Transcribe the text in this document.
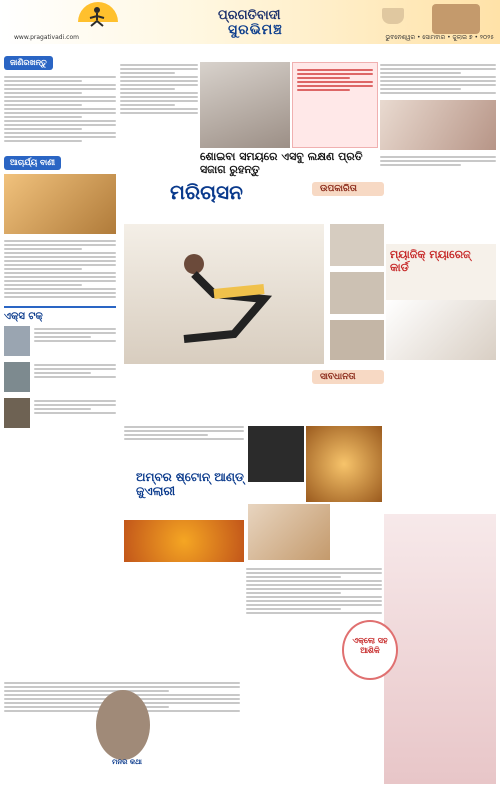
ପ୍ରଗତିବାଦୀ
ସୁରଭିମଞ୍ଚ
www.pragativadi.com	ଭୁବନେଶ୍ୱର • ସୋମବାର • ଜୁଲାଇ ୭ • ୨୦୨୫
ଜାଣିରଖନ୍ତୁ
ଆଚାର୍ଯ୍ୟ ବାଣୀ
ଏକ୍ସ ଟକ୍
ଶୋଇବା ସମୟରେ ଏସବୁ ଲକ୍ଷଣ ପ୍ରତି ସଜାଗ ରୁହନ୍ତୁ
ମରିଚାସନ	ଉପକାରିତା
ମ୍ୟାଜିକ୍ ମ୍ୟାରେଜ୍ କାର୍ଡ
ସାବଧାନତା
ଅମ୍ବର ଷ୍ଟୋନ୍ ଆଣ୍ଡ୍ ଜୁଏଲାରୀ
ଏକ୍ଲୋ ସହ ଆଶିକି
ମନର କଥା
